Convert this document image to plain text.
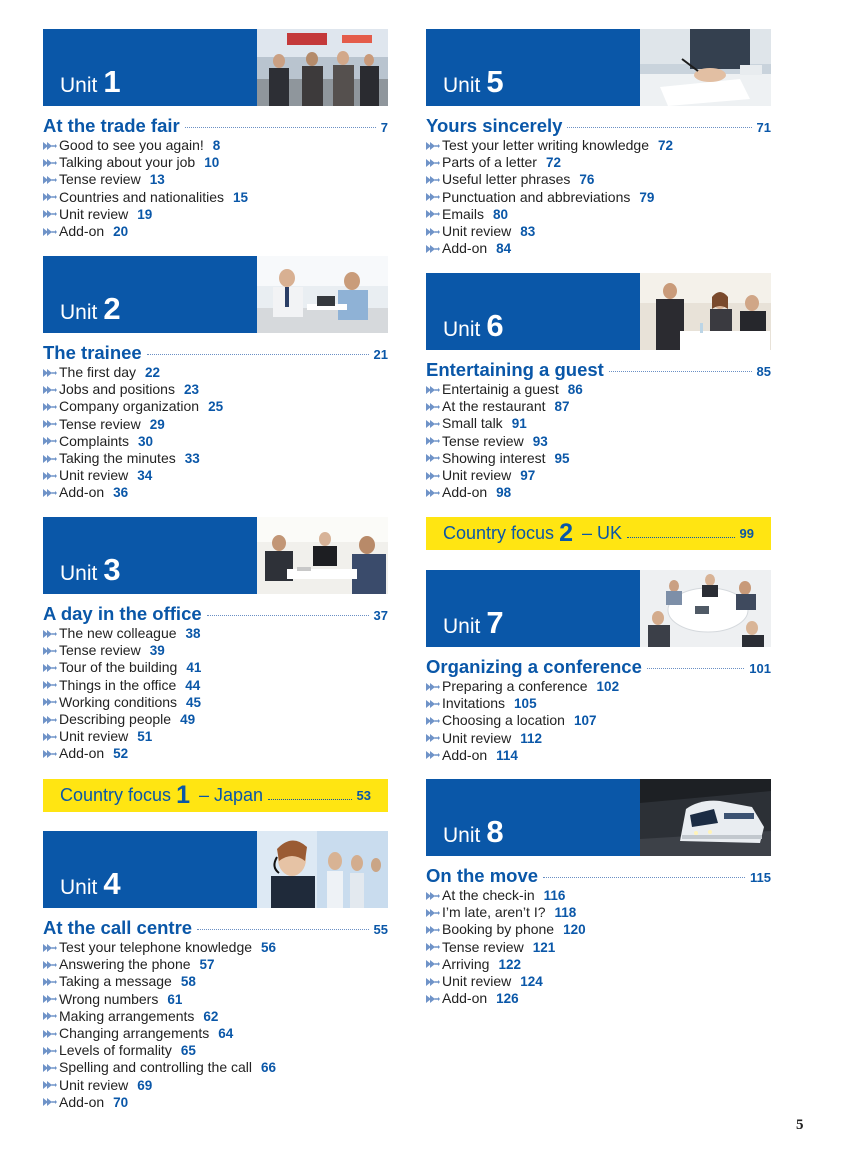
Unit 1
At the trade fair	7
Good to see you again! 8
Talking about your job 10
Tense review 13
Countries and nationalities 15
Unit review 19
Add-on 20
Unit 2
The trainee	21
The first day 22
Jobs and positions 23
Company organization 25
Tense review 29
Complaints 30
Taking the minutes 33
Unit review 34
Add-on 36
Unit 3
A day in the office	37
The new colleague 38
Tense review 39
Tour of the building 41
Things in the office 44
Working conditions 45
Describing people 49
Unit review 51
Add-on 52
Country focus 1 – Japan	53
Unit 4
At the call centre	55
Test your telephone knowledge 56
Answering the phone 57
Taking a message 58
Wrong numbers 61
Making arrangements 62
Changing arrangements 64
Levels of formality 65
Spelling and controlling the call 66
Unit review 69
Add-on 70
Unit 5
Yours sincerely	71
Test your letter writing knowledge 72
Parts of a letter 72
Useful letter phrases 76
Punctuation and abbreviations 79
Emails 80
Unit review 83
Add-on 84
Unit 6
Entertaining a guest	85
Entertainig a guest 86
At the restaurant 87
Small talk 91
Tense review 93
Showing interest 95
Unit review 97
Add-on 98
Country focus 2 – UK	99
Unit 7
Organizing a conference	101
Preparing a conference 102
Invitations 105
Choosing a location 107
Unit review 112
Add-on 114
Unit 8
On the move	115
At the check-in 116
I’m late, aren’t I? 118
Booking by phone 120
Tense review 121
Arriving 122
Unit review 124
Add-on 126
5
